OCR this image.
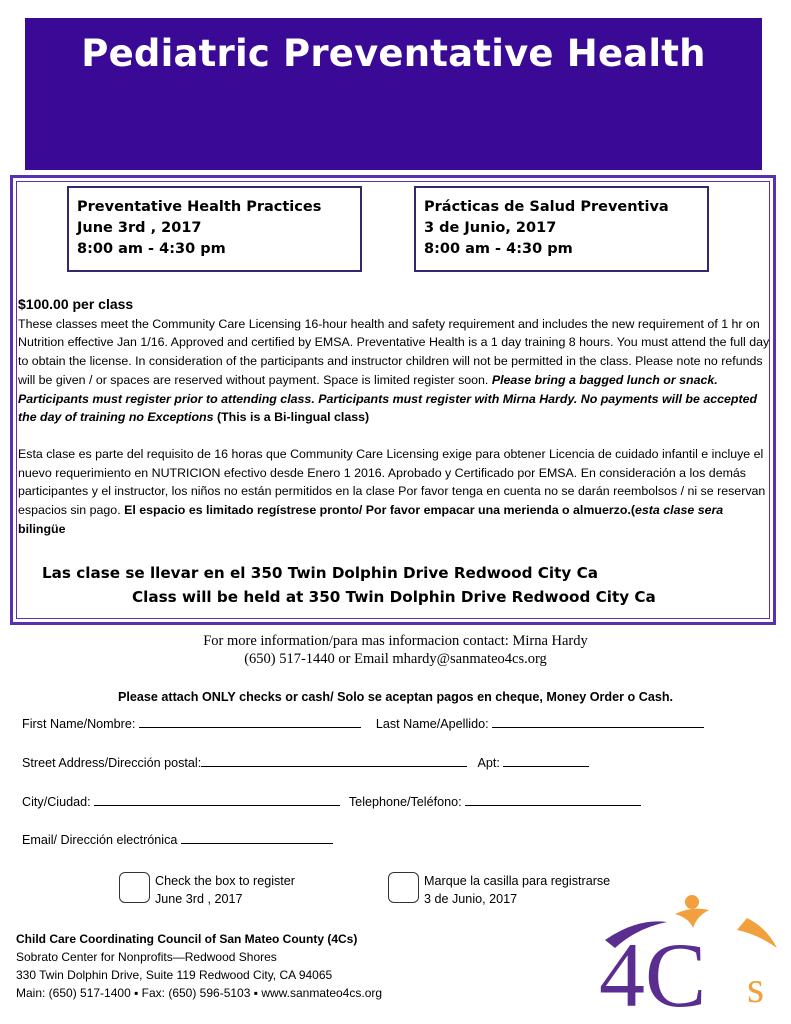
Pediatric Preventative Health
Preventative Health Practices
June 3rd , 2017
8:00 am - 4:30 pm
Prácticas de Salud Preventiva
3 de Junio, 2017
8:00 am - 4:30 pm
$100.00 per class

These classes meet the Community Care Licensing 16-hour health and safety requirement and includes the new requirement of 1 hr on Nutrition effective Jan 1/16. Approved and certified by EMSA. Preventative Health is a 1 day training 8 hours. You must attend the full day to obtain the license. In consideration of the participants and instructor children will not be permitted in the class. Please note no refunds will be given / or spaces are reserved without payment. Space is limited register soon. Please bring a bagged lunch or snack. Participants must register prior to attending class. Participants must register with Mirna Hardy. No payments will be accepted the day of training no Exceptions (This is a Bi-lingual class)

Esta clase es parte del requisito de 16 horas que Community Care Licensing exige para obtener Licencia de cuidado infantil e incluye el nuevo requerimiento en NUTRICION efectivo desde Enero 1 2016. Aprobado y Certificado por EMSA. En consideración a los demás participantes y el instructor, los niños no están permitidos en la clase Por favor tenga en cuenta no se darán reembolsos / ni se reservan espacios sin pago. El espacio es limitado regístrese pronto/ Por favor empacar una merienda o almuerzo.(esta clase sera bilingüe

Las clase se llevar en el 350 Twin Dolphin Drive Redwood City Ca
Class will be held at 350 Twin Dolphin Drive Redwood City Ca
For more information/para mas informacion contact: Mirna Hardy
(650) 517-1440 or Email mhardy@sanmateo4cs.org
Please attach ONLY checks or cash/ Solo se aceptan pagos en cheque, Money Order o Cash.
First Name/Nombre:	Last Name/Apellido:
Street Address/Dirección postal:	Apt:
City/Ciudad:	Telephone/Teléfono:
Email/ Dirección electrónica
Check the box to register
June 3rd , 2017
Marque la casilla para registrarse
3 de Junio, 2017
Child Care Coordinating Council of San Mateo County (4Cs)
Sobrato Center for Nonprofits—Redwood Shores
330 Twin Dolphin Drive, Suite 119 Redwood City, CA 94065
Main: (650) 517-1400 ▪ Fax: (650) 596-5103 ▪ www.sanmateo4cs.org 4C s
